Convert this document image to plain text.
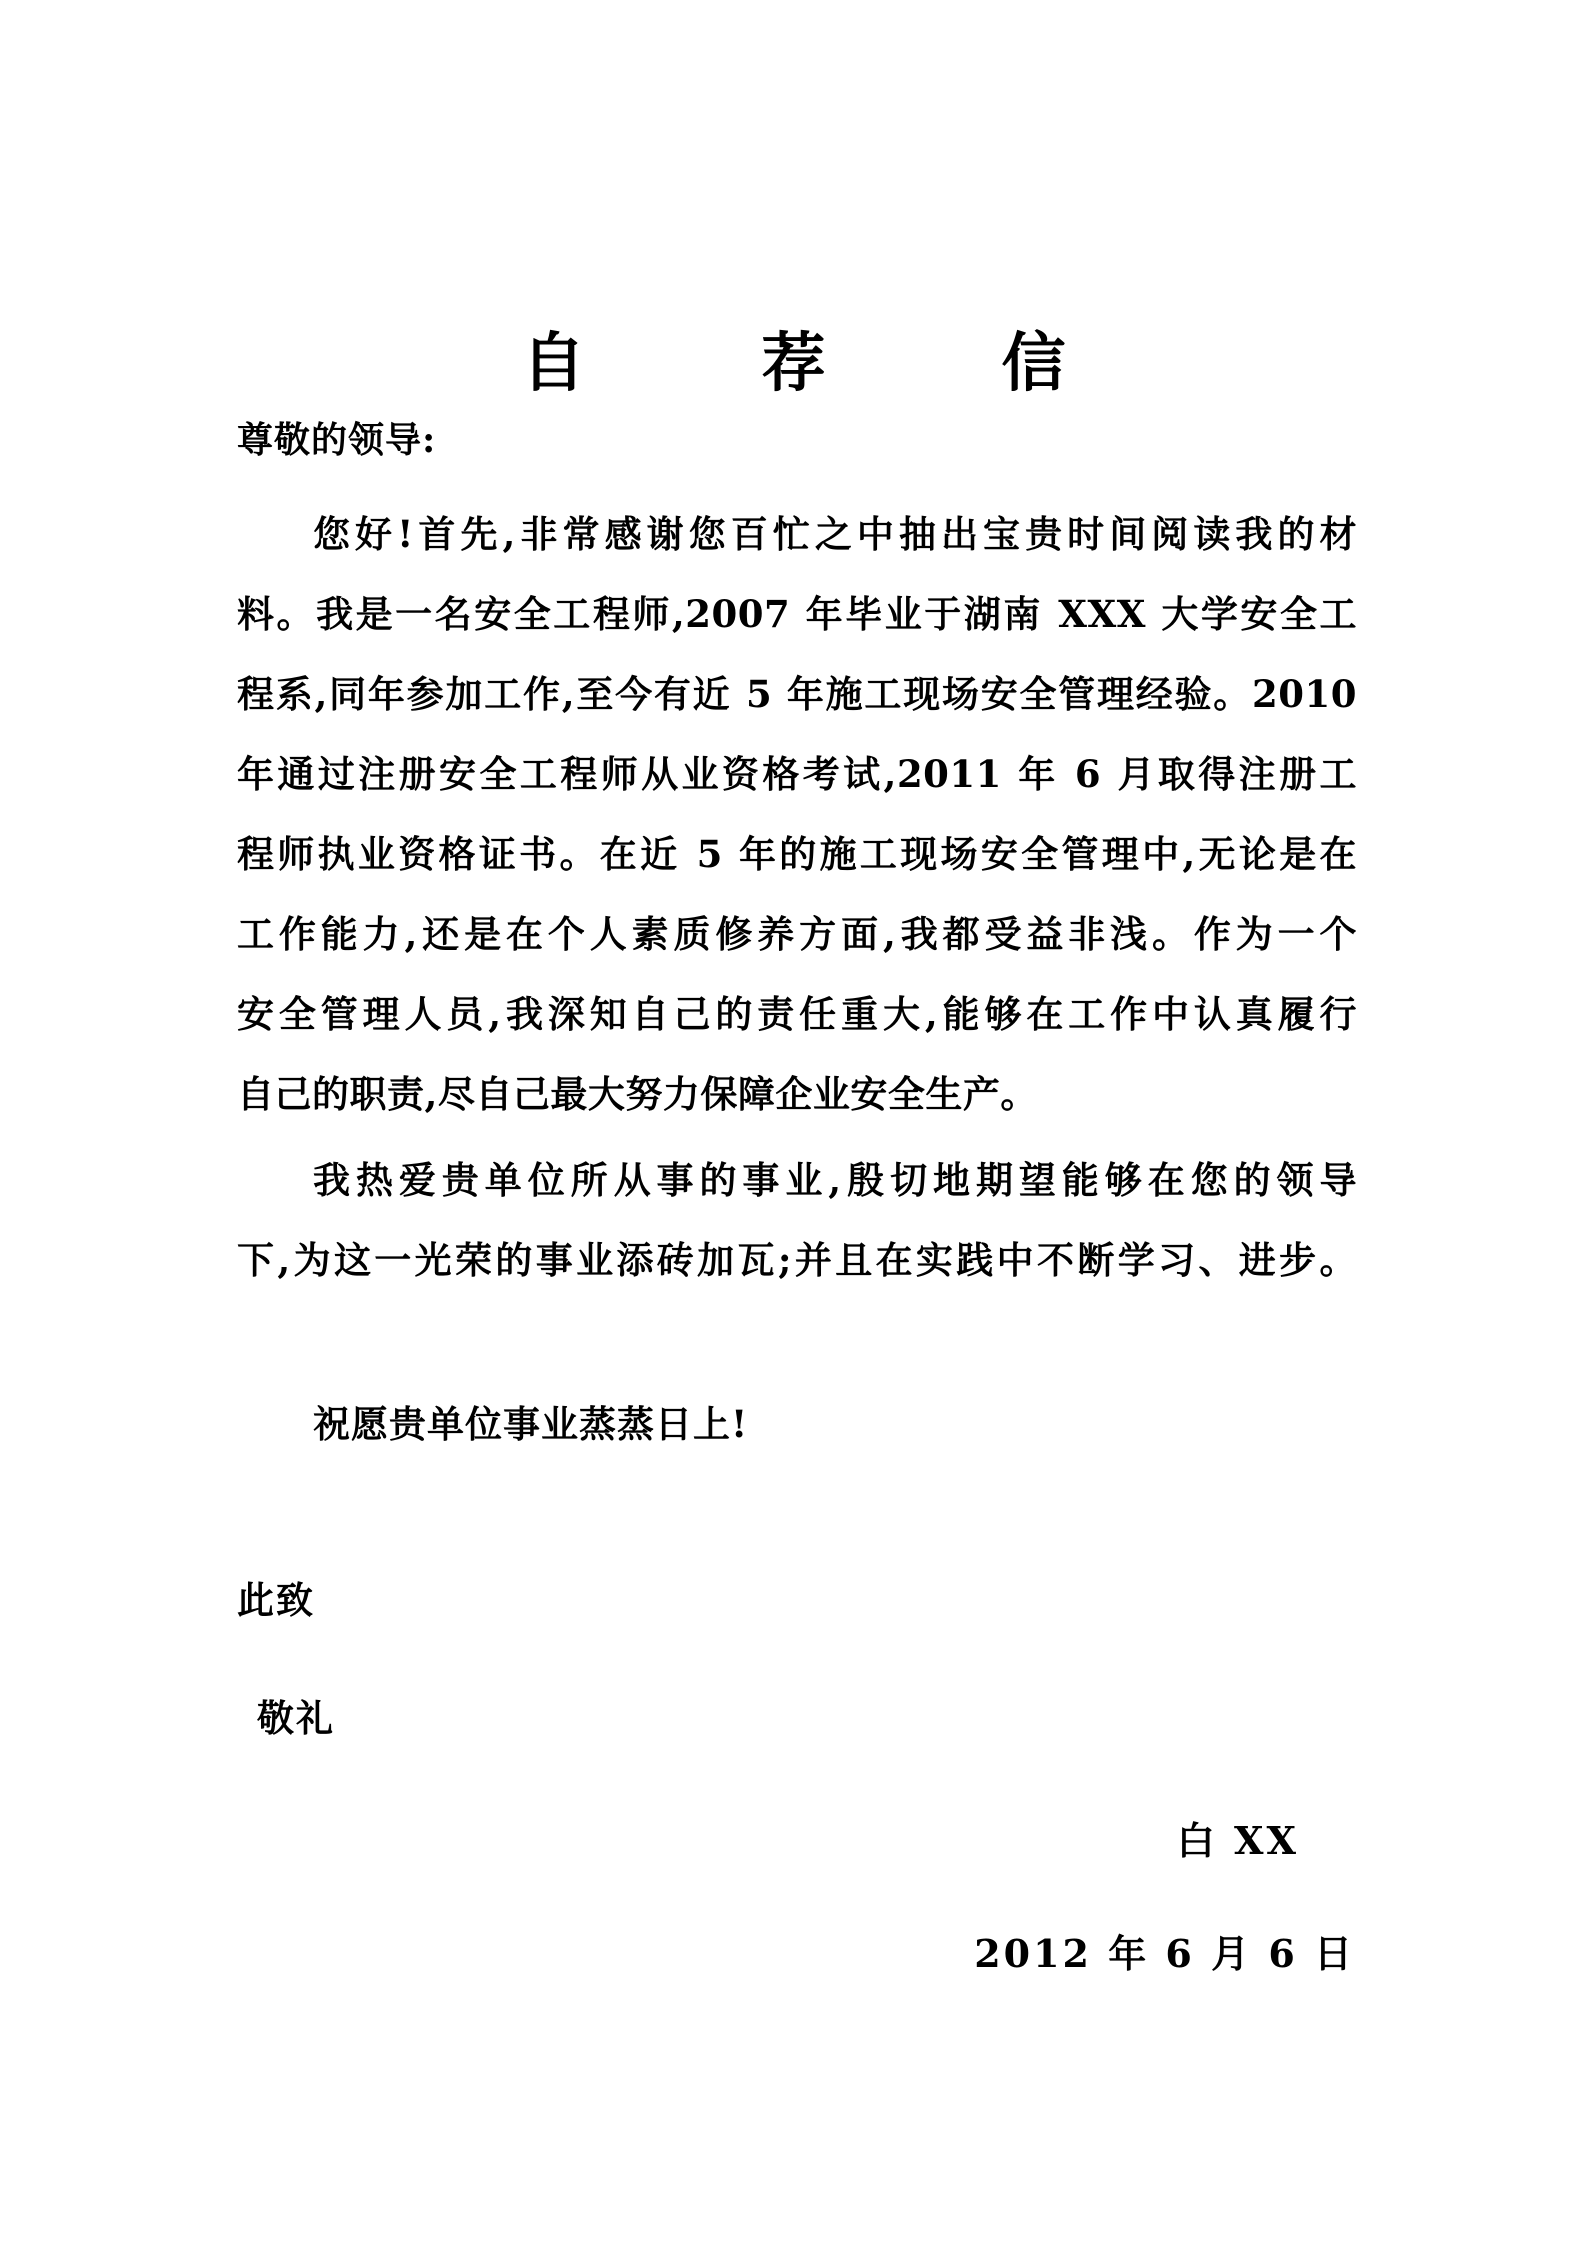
自　荐　信

尊敬的领导:

您好!首先,非常感谢您百忙之中抽出宝贵时间阅读我的材
料。我是一名安全工程师,2007 年毕业于湖南 XXX 大学安全工
程系,同年参加工作,至今有近 5 年施工现场安全管理经验。2010
年通过注册安全工程师从业资格考试,2011 年 6 月取得注册工
程师执业资格证书。在近 5 年的施工现场安全管理中,无论是在
工作能力,还是在个人素质修养方面,我都受益非浅。作为一个
安全管理人员,我深知自己的责任重大,能够在工作中认真履行
自己的职责,尽自己最大努力保障企业安全生产。
我热爱贵单位所从事的事业,殷切地期望能够在您的领导
下,为这一光荣的事业添砖加瓦;并且在实践中不断学习、进步。

祝愿贵单位事业蒸蒸日上!

此致

敬礼

白 XX

2012 年 6 月 6 日
